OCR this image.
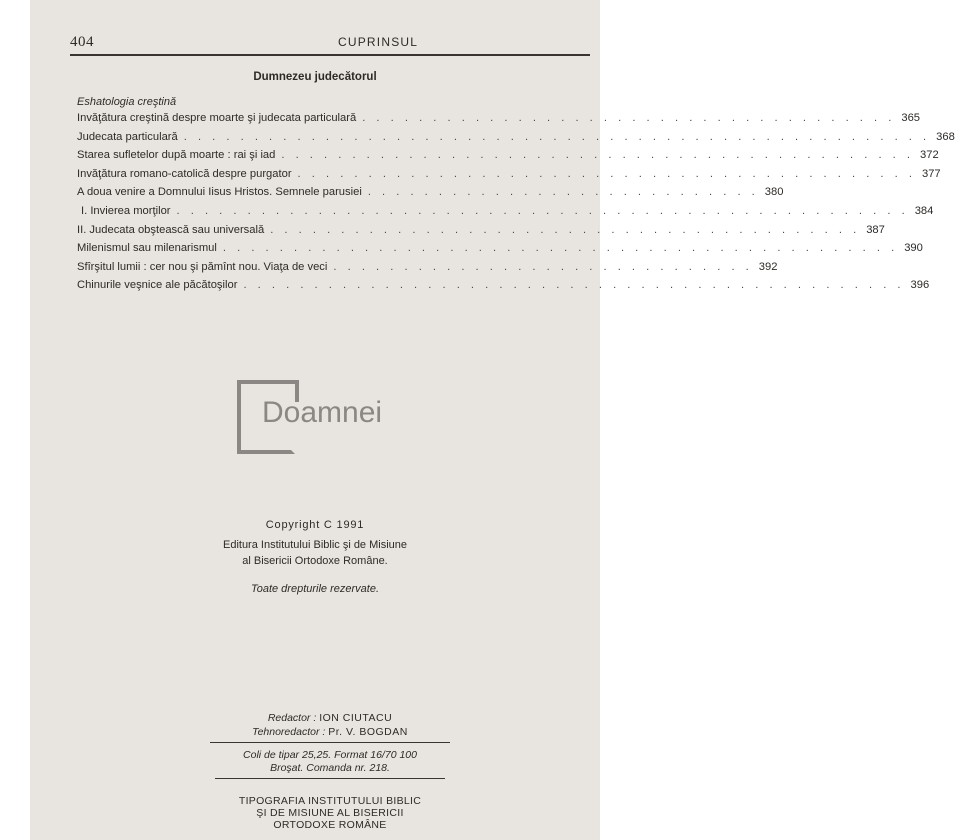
404	CUPRINSUL
Dumnezeu judecătorul
Eshatologia creştină
Invăţătura creştină despre moarte şi judecata particulară . . . . . . . . . . . . . . . . . . . . . . . . . . . . . . . . . . . . . . 365
Judecata particulară . . . . . . . . . . . . . . . . . . . . . . . . . . . . . . . . . . . . . . . . . . . . . . . . . . . . . 368
Starea sufletelor după moarte : rai şi iad . . . . . . . . . . . . . . . . . . . . . . . . . . . . . . . . . . . . . . . . . . . . . 372
Invăţătura romano-catolică despre purgator . . . . . . . . . . . . . . . . . . . . . . . . . . . . . . . . . . . . . . . . . . . . 377
A doua venire a Domnului Iisus Hristos. Semnele parusiei . . . . . . . . . . . . . . . . . . . . . . . . . . . . 380
I. Invierea morţilor . . . . . . . . . . . . . . . . . . . . . . . . . . . . . . . . . . . . . . . . . . . . . . . . . . . . 384
II. Judecata obştească sau universală . . . . . . . . . . . . . . . . . . . . . . . . . . . . . . . . . . . . . . . . . . 387
Milenismul sau milenarismul . . . . . . . . . . . . . . . . . . . . . . . . . . . . . . . . . . . . . . . . . . . . . . . . 390
Sfîrşitul lumii : cer nou şi pămînt nou. Viaţa de veci . . . . . . . . . . . . . . . . . . . . . . . . . . . . . . 392
Chinurile veşnice ale păcătoşilor . . . . . . . . . . . . . . . . . . . . . . . . . . . . . . . . . . . . . . . . . . . . . . . 396
Doamnei
Copyright C 1991
Editura Institutului Biblic şi de Misiune
al Bisericii Ortodoxe Române.
Toate drepturile rezervate.
Redactor : ION CIUTACU
Tehnoredactor : Pr. V. BOGDAN
Coli de tipar 25,25. Format 16/70 100
Broşat. Comanda nr. 218.
TIPOGRAFIA INSTITUTULUI BIBLIC
ŞI DE MISIUNE AL BISERICII
ORTODOXE ROMÂNE
